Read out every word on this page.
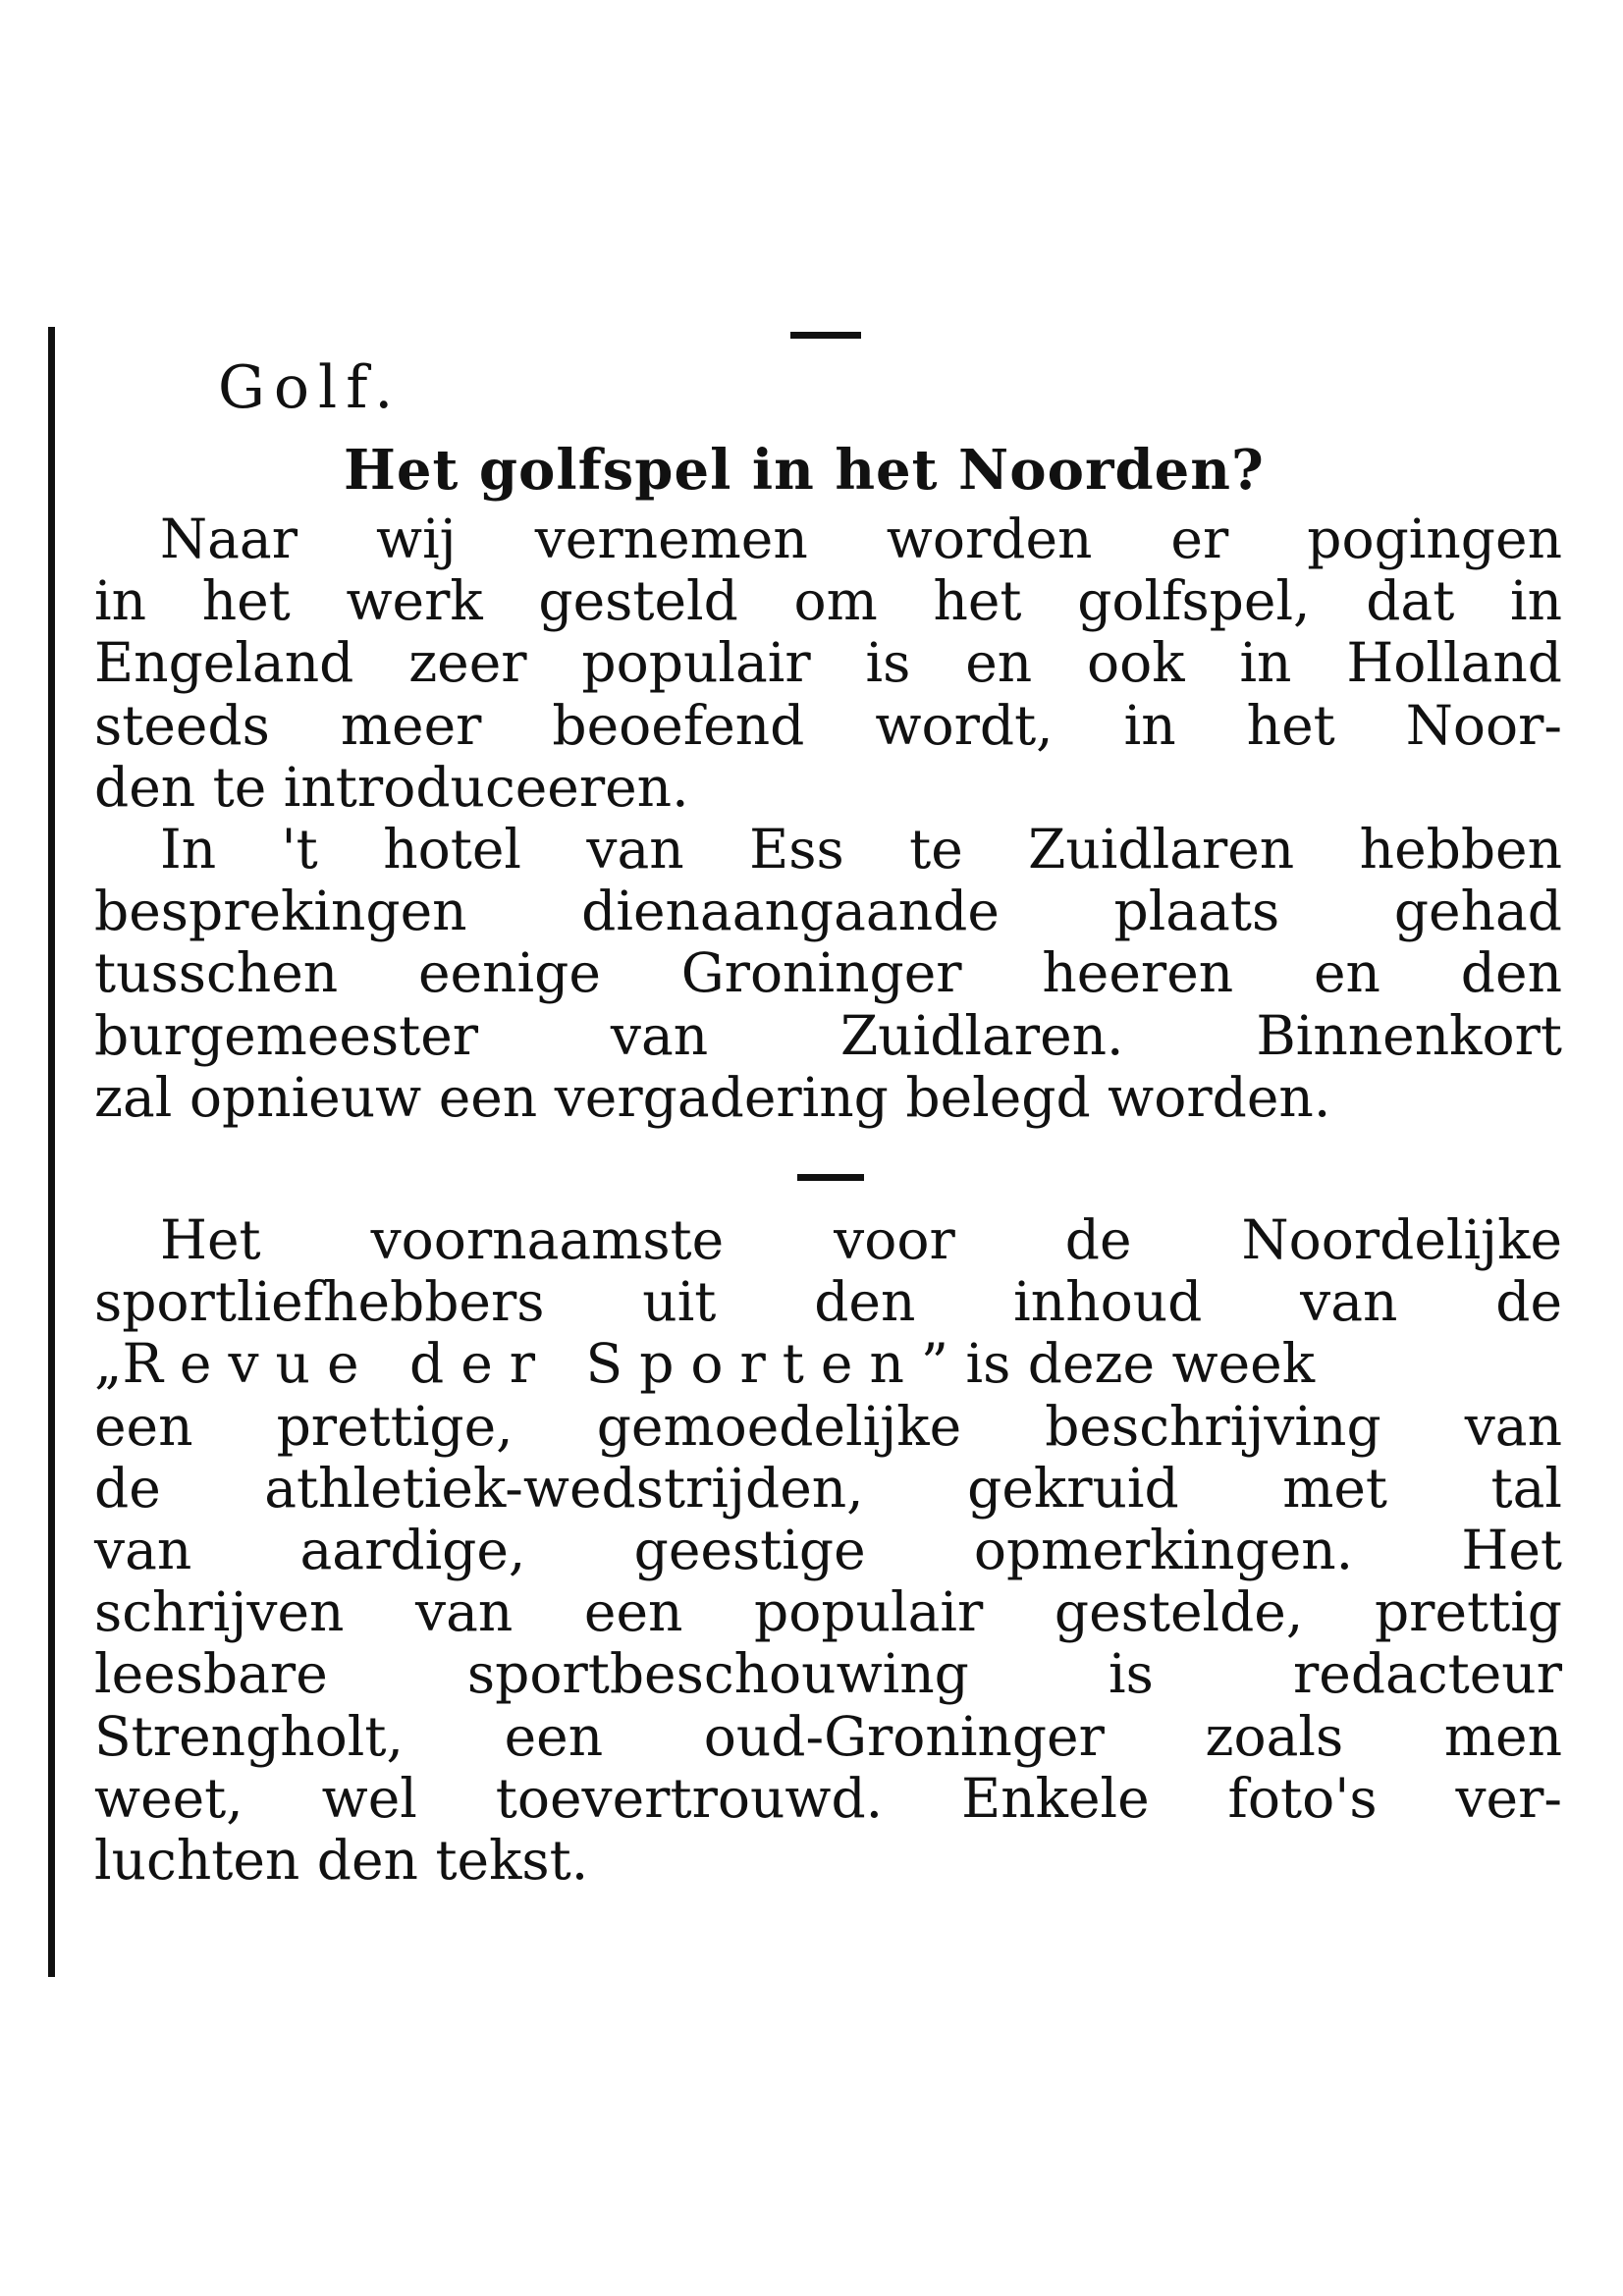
Golf.
Het golfspel in het Noorden?
Naar wij vernemen worden er pogingen
in het werk gesteld om het golfspel, dat in
Engeland zeer populair is en ook in Holland
steeds meer beoefend wordt, in het Noor-
den te introduceeren.
In 't hotel van Ess te Zuidlaren hebben
besprekingen dienaangaande plaats gehad
tusschen eenige Groninger heeren en den
burgemeester van Zuidlaren. Binnenkort
zal opnieuw een vergadering belegd worden.
Het voornaamste voor de Noordelijke
sportliefhebbers uit den inhoud van de
„Revue der Sporten” is deze week
een prettige, gemoedelijke beschrijving van
de athletiek-wedstrijden, gekruid met tal
van aardige, geestige opmerkingen. Het
schrijven van een populair gestelde, prettig
leesbare sportbeschouwing is redacteur
Strengholt, een oud-Groninger zoals men
weet, wel toevertrouwd. Enkele foto's ver-
luchten den tekst.
